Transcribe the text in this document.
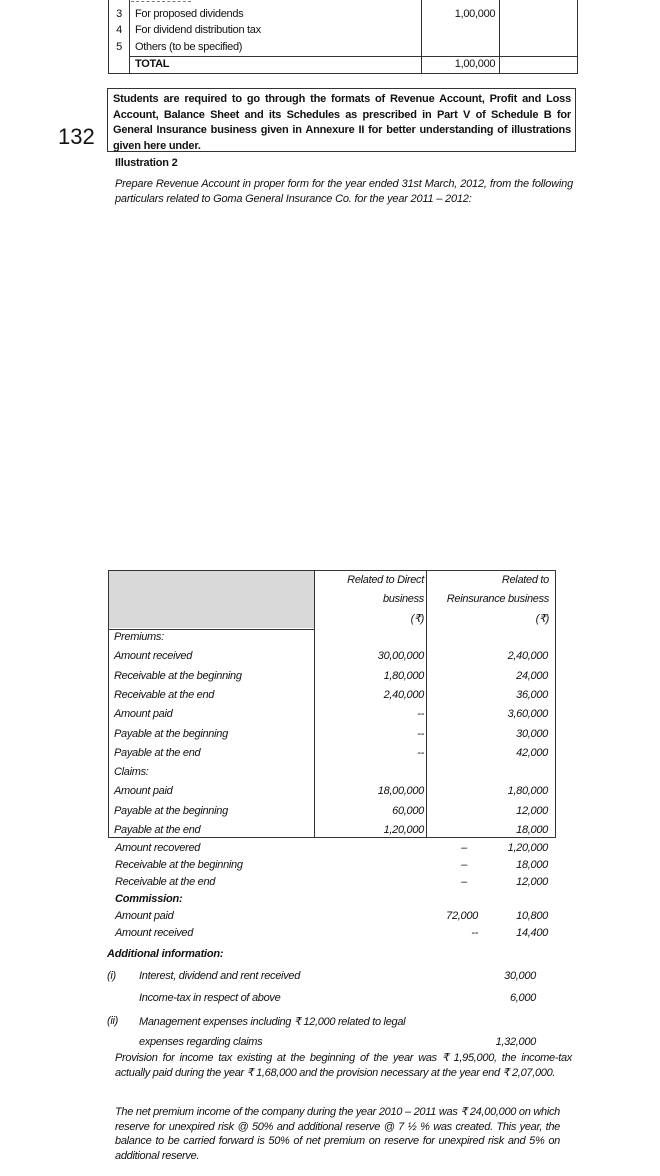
3 For proposed dividends	1,00,000
4 For dividend distribution tax
5 Others (to be specified)
TOTAL	1,00,000
Students are required to go through the formats of Revenue Account, Profit and Loss Account, Balance Sheet and its Schedules as prescribed in Part V of Schedule B for General Insurance business given in Annexure II for better understanding of illustrations given here under.
132
Illustration 2
Prepare Revenue Account in proper form for the year ended 31st March, 2012, from the following particulars related to Goma General Insurance Co. for the year 2011 – 2012:
Related to Direct
business
(₹)
Related to
Reinsurance business
(₹)
Premiums:
Amount received	30,00,000	2,40,000
Receivable at the beginning	1,80,000	24,000
Receivable at the end	2,40,000	36,000
Amount paid	--	3,60,000
Payable at the beginning	--	30,000
Payable at the end	--	42,000
Claims:
Amount paid	18,00,000	1,80,000
Payable at the beginning	60,000	12,000
Payable at the end	1,20,000	18,000
Amount recovered	–	1,20,000
Receivable at the beginning	–	18,000
Receivable at the end	–	12,000
Commission:
Amount paid	72,000	10,800
Amount received	--	14,400
Additional information:
(i) Interest, dividend and rent received	30,000
Income-tax in respect of above	6,000
(ii) Management expenses including ₹ 12,000 related to legal
expenses regarding claims	1,32,000
Provision for income tax existing at the beginning of the year was ₹ 1,95,000, the income-tax actually paid during the year ₹ 1,68,000 and the provision necessary at the year end ₹ 2,07,000.
The net premium income of the company during the year 2010 – 2011 was ₹ 24,00,000 on which reserve for unexpired risk @ 50% and additional reserve @ 7 ½ % was created. This year, the balance to be carried forward is 50% of net premium on reserve for unexpired risk and 5% on additional reserve.
